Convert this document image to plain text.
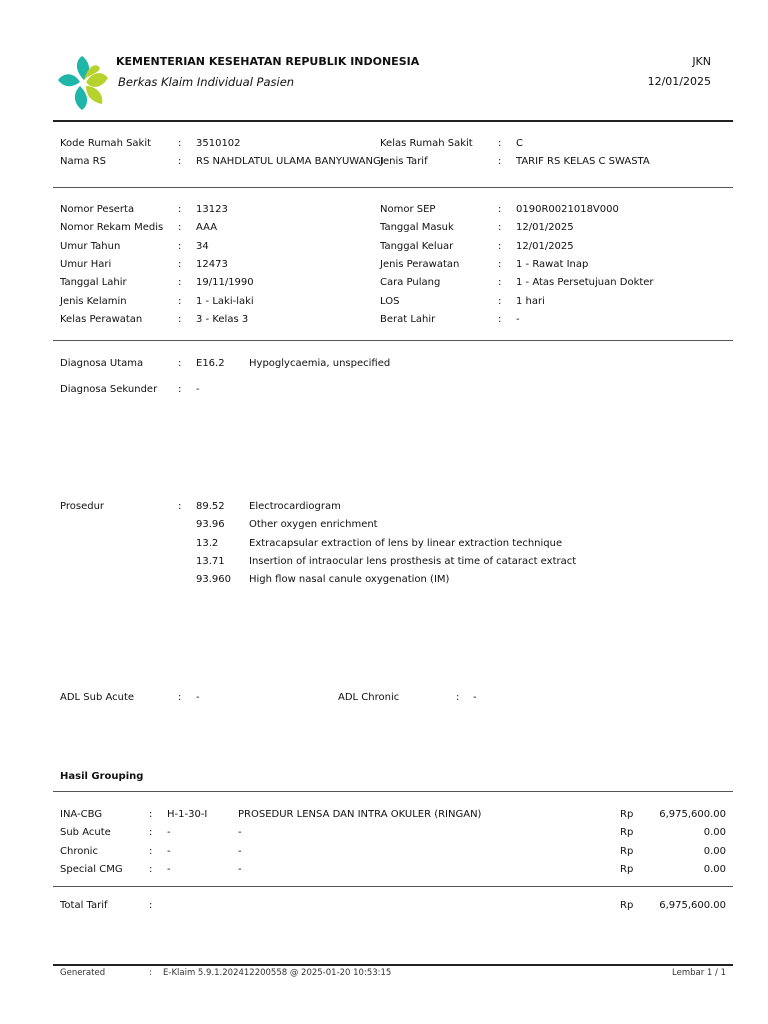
KEMENTERIAN KESEHATAN REPUBLIK INDONESIA
Berkas Klaim Individual Pasien
JKN
12/01/2025
Kode Rumah Sakit	: 3510102
Nama RS	: RS NAHDLATUL ULAMA BANYUWANGI
Kelas Rumah Sakit	: C
Jenis Tarif	: TARIF RS KELAS C SWASTA
Nomor Peserta	: 13123
Nomor Rekam Medis : AAA
Umur Tahun	: 34
Umur Hari	: 12473
Tanggal Lahir	: 19/11/1990
Jenis Kelamin	: 1 - Laki-laki
Kelas Perawatan	: 3 - Kelas 3
Nomor SEP	: 0190R0021018V000
Tanggal Masuk	: 12/01/2025
Tanggal Keluar	: 12/01/2025
Jenis Perawatan	: 1 - Rawat Inap
Cara Pulang	: 1 - Atas Persetujuan Dokter
LOS	: 1 hari
Berat Lahir	: -
Diagnosa Utama	: E16.2 Hypoglycaemia, unspecified
Diagnosa Sekunder : -
Prosedur	: 89.52 Electrocardiogram
93.96 Other oxygen enrichment
13.2	Extracapsular extraction of lens by linear extraction technique
13.71 Insertion of intraocular lens prosthesis at time of cataract extract
93.960 High flow nasal canule oxygenation (IM)
ADL Sub Acute	: -	ADL Chronic	: -
Hasil Grouping
INA-CBG	: H-1-30-I	PROSEDUR LENSA DAN INTRA OKULER (RINGAN)	Rp	6,975,600.00
Sub Acute	: -	-	Rp	0.00
Chronic	: -	-	Rp	0.00
Special CMG	: -	-	Rp	0.00
Total Tarif	:	Rp	6,975,600.00
Generated	: E-Klaim 5.9.1.202412200558 @ 2025-01-20 10:53:15	Lembar 1 / 1
